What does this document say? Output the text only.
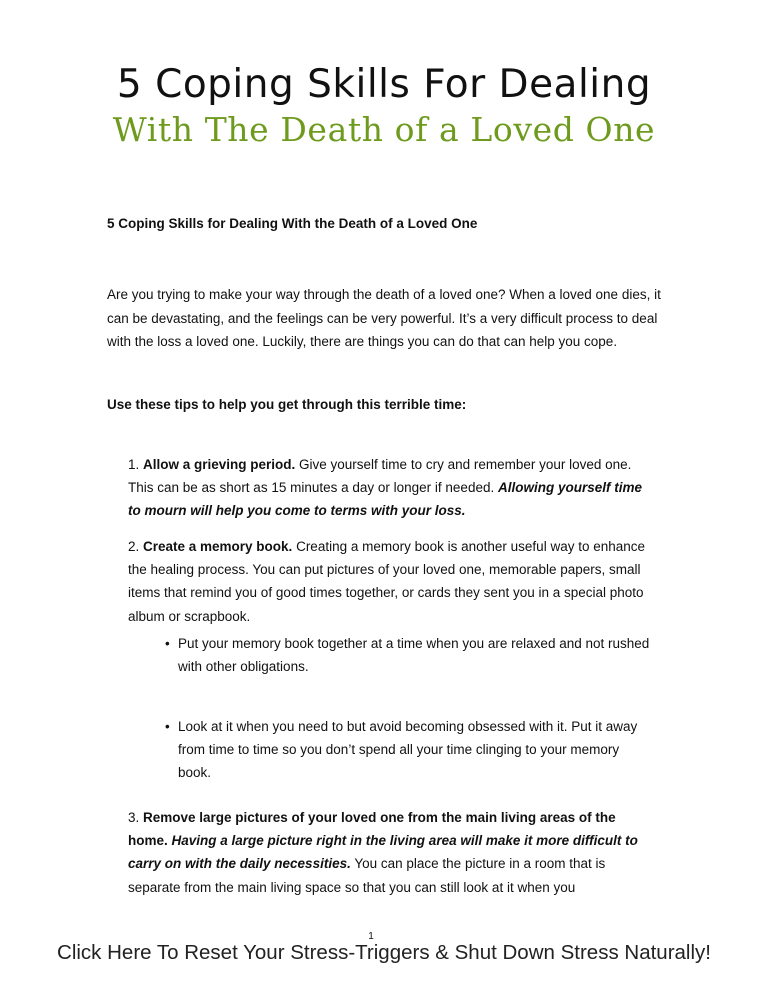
5 Coping Skills For Dealing
With The Death of a Loved One
5 Coping Skills for Dealing With the Death of a Loved One
Are you trying to make your way through the death of a loved one? When a loved one dies, it can be devastating, and the feelings can be very powerful. It’s a very difficult process to deal with the loss a loved one. Luckily, there are things you can do that can help you cope.
Use these tips to help you get through this terrible time:
1. Allow a grieving period. Give yourself time to cry and remember your loved one. This can be as short as 15 minutes a day or longer if needed. Allowing yourself time to mourn will help you come to terms with your loss.
2. Create a memory book. Creating a memory book is another useful way to enhance the healing process. You can put pictures of your loved one, memorable papers, small items that remind you of good times together, or cards they sent you in a special photo album or scrapbook.
• Put your memory book together at a time when you are relaxed and not rushed with other obligations.
• Look at it when you need to but avoid becoming obsessed with it. Put it away from time to time so you don’t spend all your time clinging to your memory book.
3. Remove large pictures of your loved one from the main living areas of the home. Having a large picture right in the living area will make it more difficult to carry on with the daily necessities. You can place the picture in a room that is separate from the main living space so that you can still look at it when you
1
Click Here To Reset Your Stress-Triggers & Shut Down Stress Naturally!
